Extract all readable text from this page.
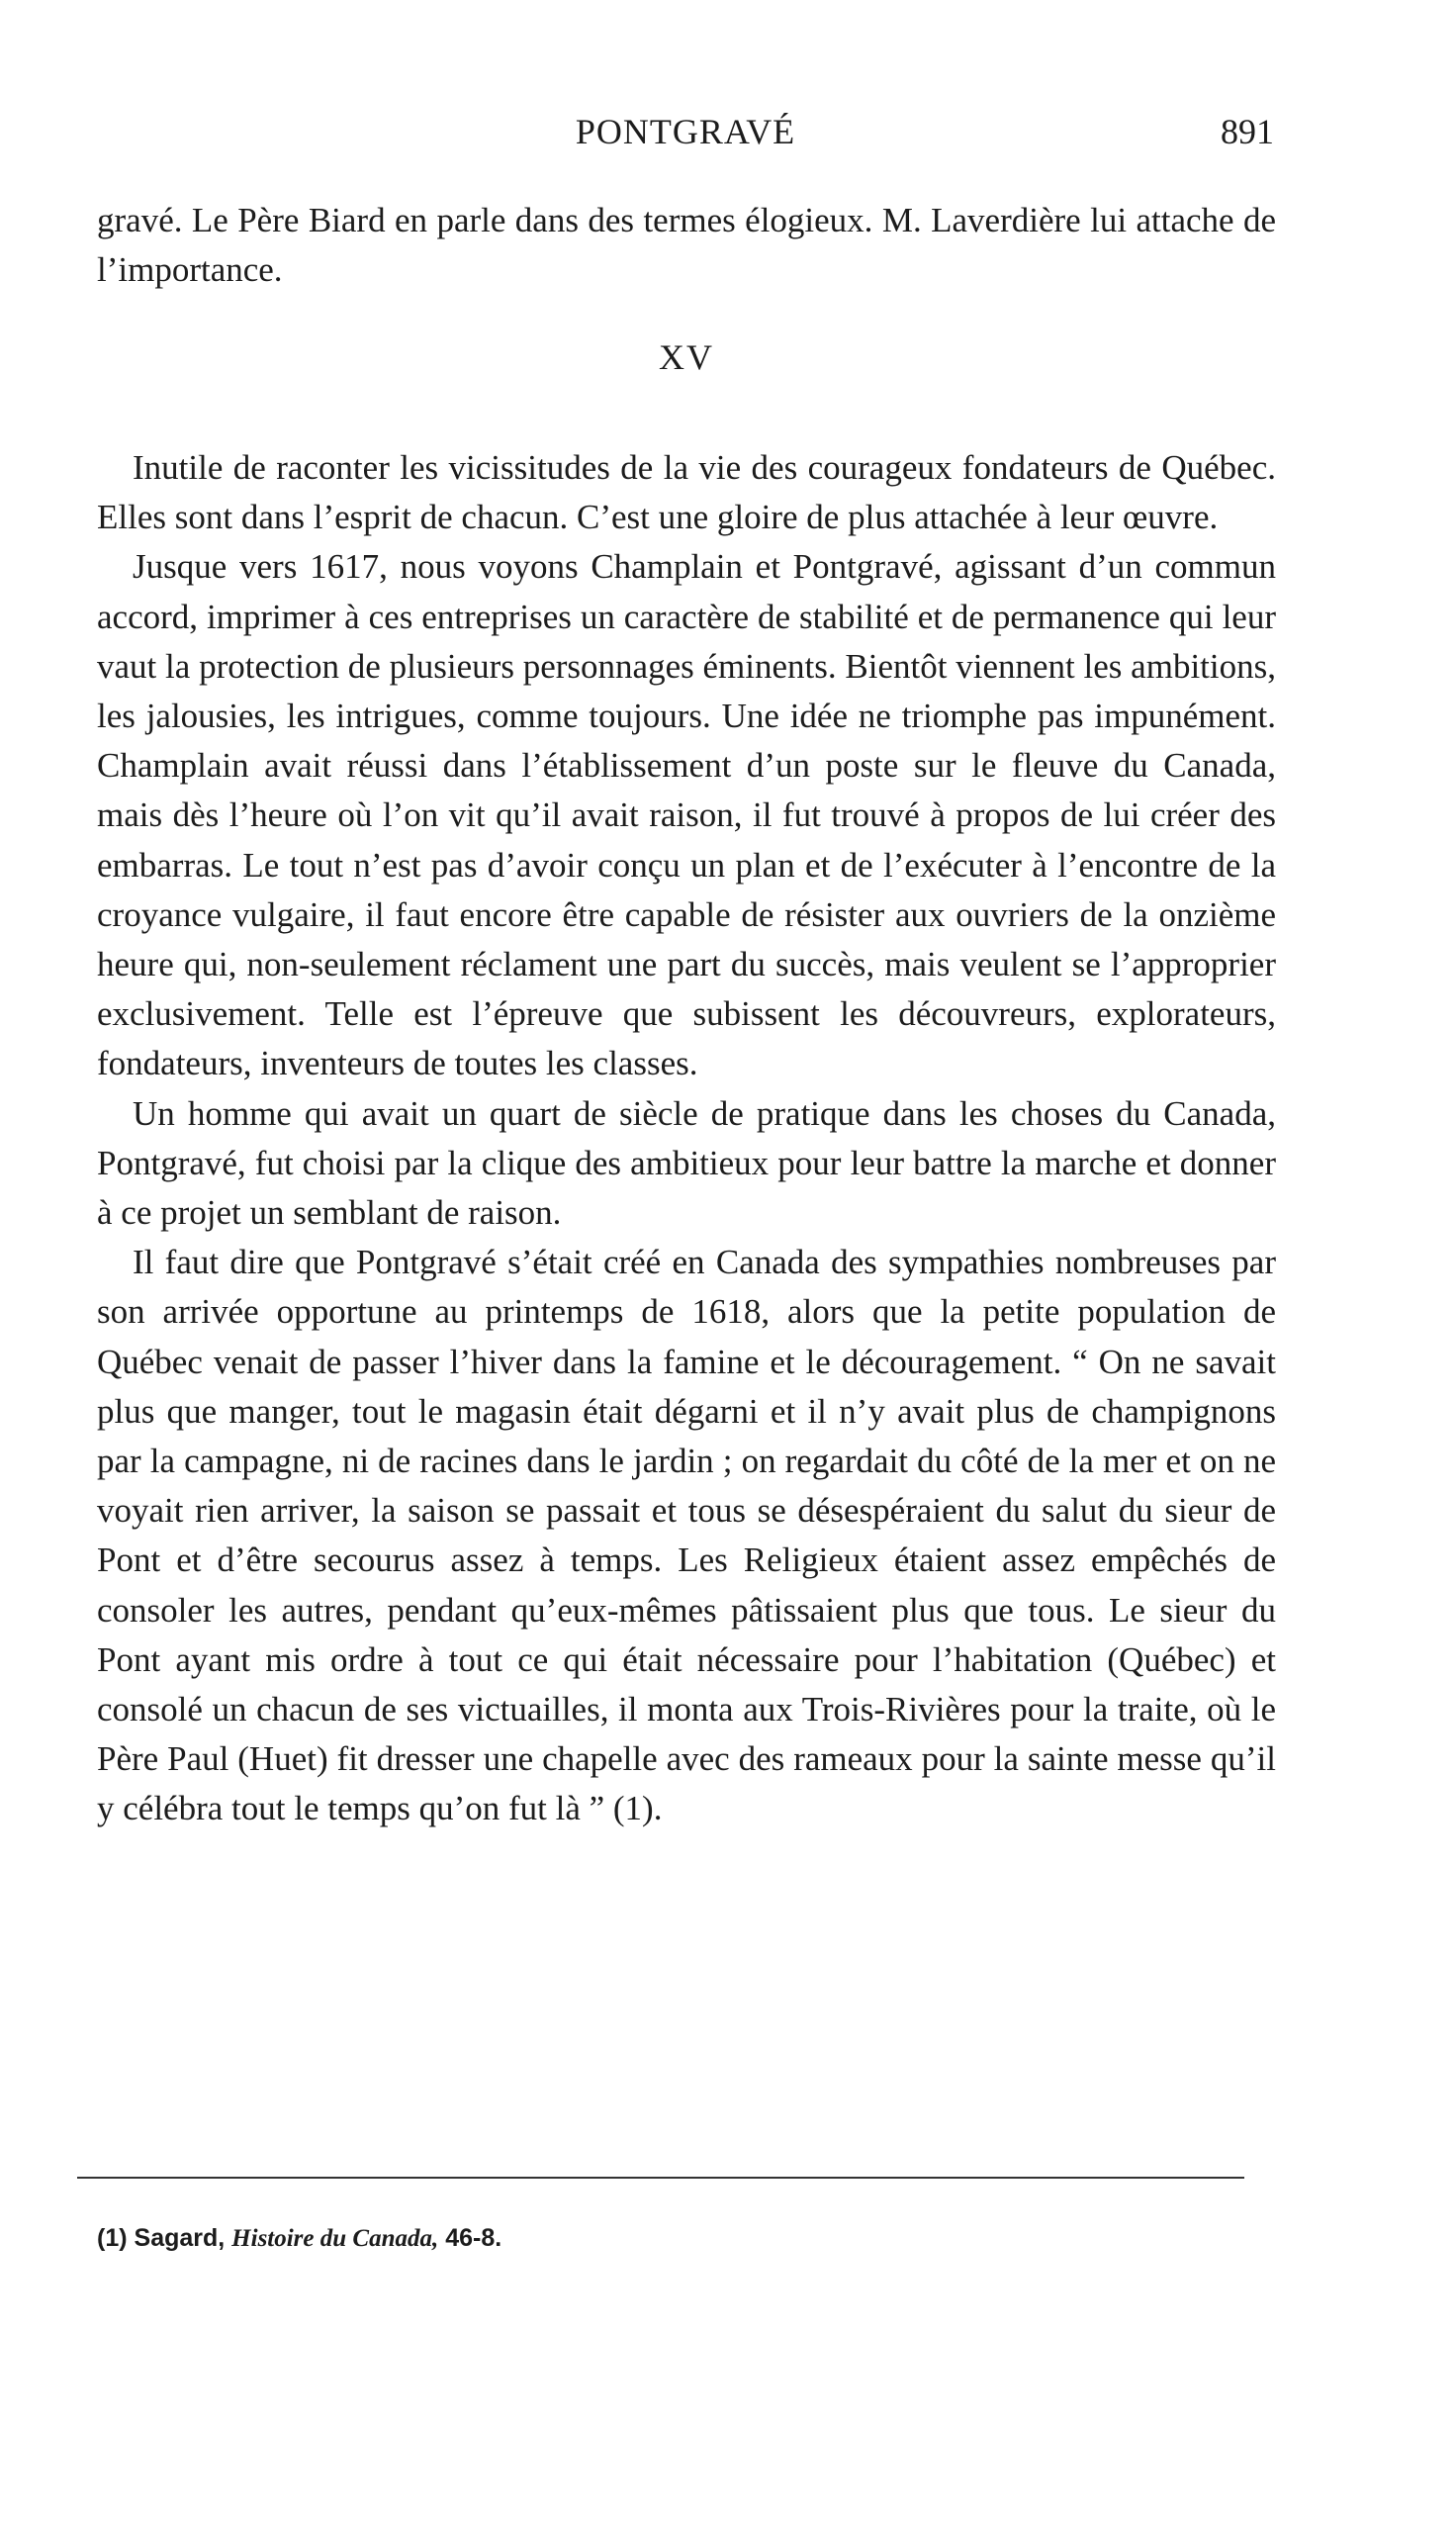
PONTGRAVÉ	891

gravé. Le Père Biard en parle dans des termes élogieux. M. Laverdière lui attache de l’importance.

XV

Inutile de raconter les vicissitudes de la vie des courageux fondateurs de Québec. Elles sont dans l’esprit de chacun. C’est une gloire de plus attachée à leur œuvre.

Jusque vers 1617, nous voyons Champlain et Pontgravé, agissant d’un commun accord, imprimer à ces entreprises un caractère de stabilité et de permanence qui leur vaut la protection de plusieurs personnages éminents. Bientôt viennent les ambitions, les jalousies, les intrigues, comme toujours. Une idée ne triomphe pas impunément. Champlain avait réussi dans l’établissement d’un poste sur le fleuve du Canada, mais dès l’heure où l’on vit qu’il avait raison, il fut trouvé à propos de lui créer des embarras. Le tout n’est pas d’avoir conçu un plan et de l’exécuter à l’encontre de la croyance vulgaire, il faut encore être capable de résister aux ouvriers de la onzième heure qui, non-seulement réclament une part du succès, mais veulent se l’approprier exclusivement. Telle est l’épreuve que subissent les découvreurs, explorateurs, fondateurs, inventeurs de toutes les classes.

Un homme qui avait un quart de siècle de pratique dans les choses du Canada, Pontgravé, fut choisi par la clique des ambitieux pour leur battre la marche et donner à ce projet un semblant de raison.

Il faut dire que Pontgravé s’était créé en Canada des sympathies nombreuses par son arrivée opportune au printemps de 1618, alors que la petite population de Québec venait de passer l’hiver dans la famine et le découragement. “ On ne savait plus que manger, tout le magasin était dégarni et il n’y avait plus de champignons par la campagne, ni de racines dans le jardin ; on regardait du côté de la mer et on ne voyait rien arriver, la saison se passait et tous se désespéraient du salut du sieur de Pont et d’être secourus assez à temps. Les Religieux étaient assez empêchés de consoler les autres, pendant qu’eux-mêmes pâtissaient plus que tous. Le sieur du Pont ayant mis ordre à tout ce qui était nécessaire pour l’habitation (Québec) et consolé un chacun de ses victuailles, il monta aux Trois-Rivières pour la traite, où le Père Paul (Huet) fit dresser une chapelle avec des rameaux pour la sainte messe qu’il y célébra tout le temps qu’on fut là ” (1).

(1) Sagard, Histoire du Canada, 46-8.
